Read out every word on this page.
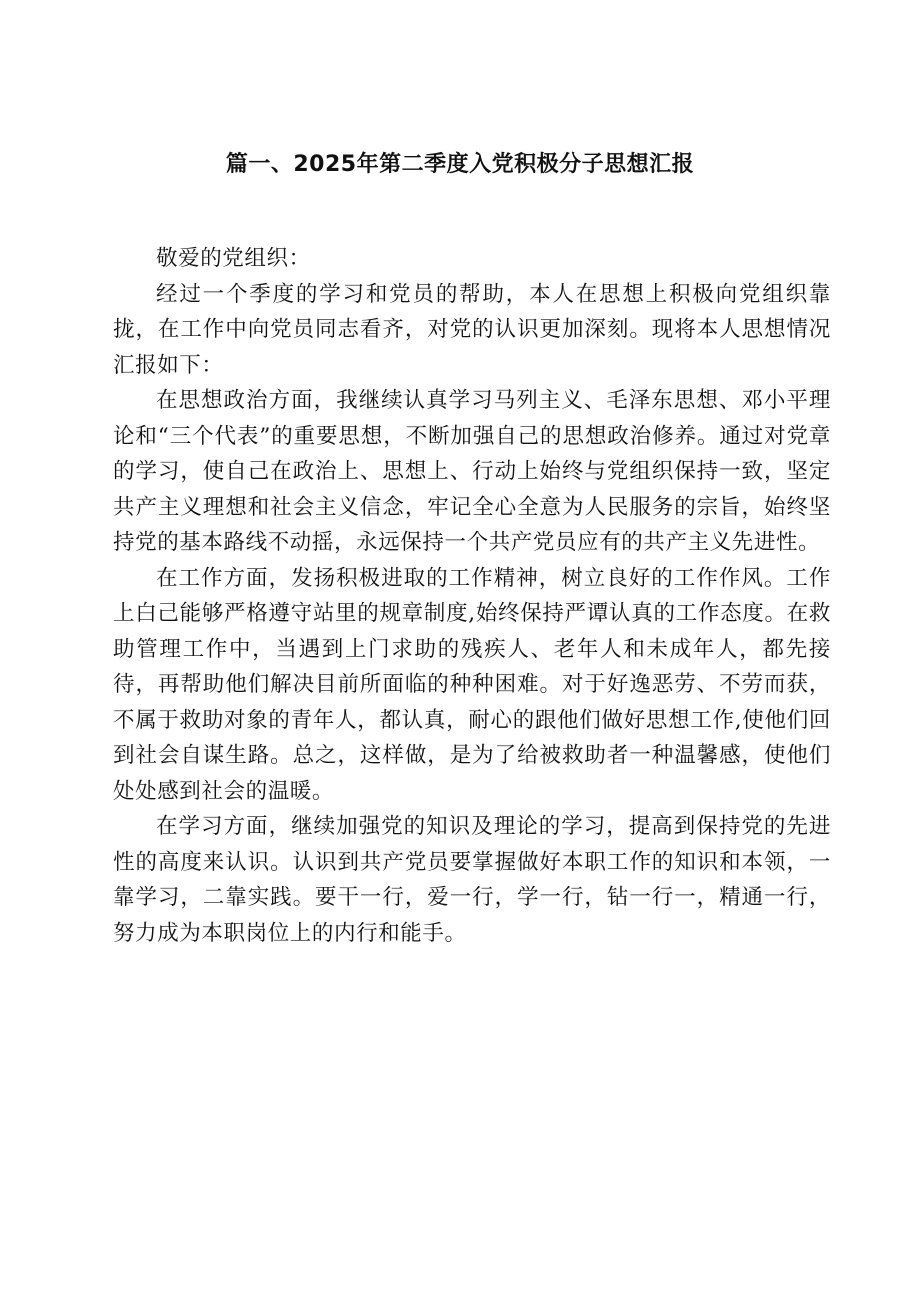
篇一、2025年第二季度入党积极分子思想汇报

敬爱的党组织：

经过一个季度的学习和党员的帮助，本人在思想上积极向党组织靠拢，在工作中向党员同志看齐，对党的认识更加深刻。现将本人思想情况汇报如下：

在思想政治方面，我继续认真学习马列主义、毛泽东思想、邓小平理论和“三个代表”的重要思想，不断加强自己的思想政治修养。通过对党章的学习，使自己在政治上、思想上、行动上始终与党组织保持一致，坚定共产主义理想和社会主义信念，牢记全心全意为人民服务的宗旨，始终坚持党的基本路线不动摇，永远保持一个共产党员应有的共产主义先进性。

在工作方面，发扬积极进取的工作精神，树立良好的工作作风。工作上白己能够严格遵守站里的规章制度,始终保持严谭认真的工作态度。在救助管理工作中，当遇到上门求助的残疾人、老年人和未成年人，都先接待，再帮助他们解决目前所面临的种种困难。对于好逸恶劳、不劳而获，不属于救助对象的青年人，都认真，耐心的跟他们做好思想工作,使他们回到社会自谋生路。总之，这样做，是为了给被救助者一种温馨感，使他们处处感到社会的温暖。

在学习方面，继续加强党的知识及理论的学习，提高到保持党的先进性的高度来认识。认识到共产党员要掌握做好本职工作的知识和本领，一靠学习，二靠实践。要干一行，爱一行，学一行，钻一行一，精通一行，努力成为本职岗位上的内行和能手。
